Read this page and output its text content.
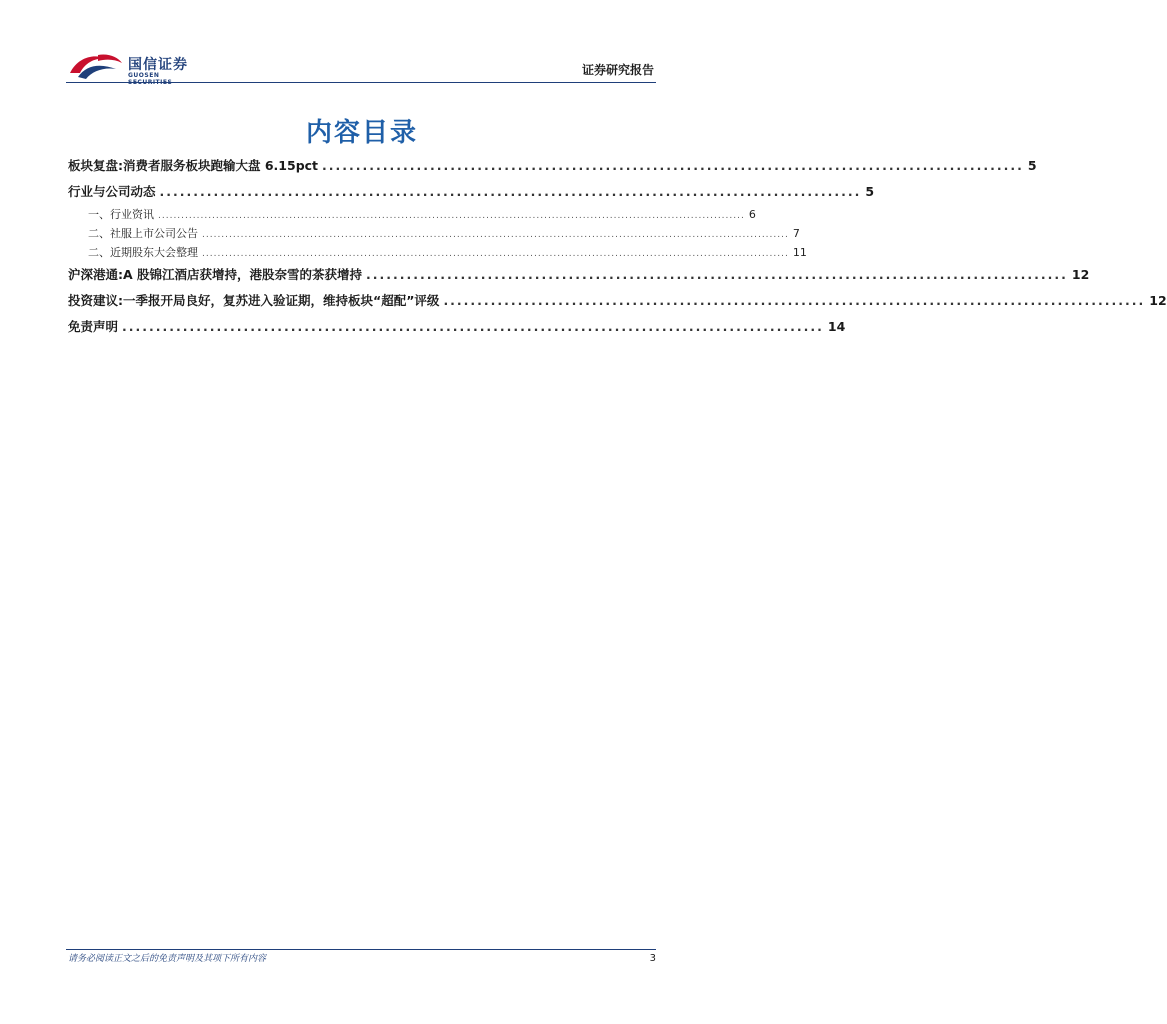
国信证券
GUOSEN	证券研究报告
内容目录
板块复盘:消费者服务板块跑输大盘 6.15pct ........................................................................................................ 5
行业与公司动态 ........................................................................................................ 5
一、 行业资讯 ........................................................................................................................................................ 6
二、 社服上市公司公告 ........................................................................................................................................................ 7
二、 近期股东大会整理 ........................................................................................................................................................ 11
沪深港通:A 股锦江酒店获增持，港股奈雪的茶获增持 ........................................................................................................ 12
投资建议:一季报开局良好，复苏进入验证期，维持板块“超配”评级 ........................................................................................................ 12
免责声明 ........................................................................................................ 14
请务必阅读正文之后的免责声明及其项下所有内容	3
